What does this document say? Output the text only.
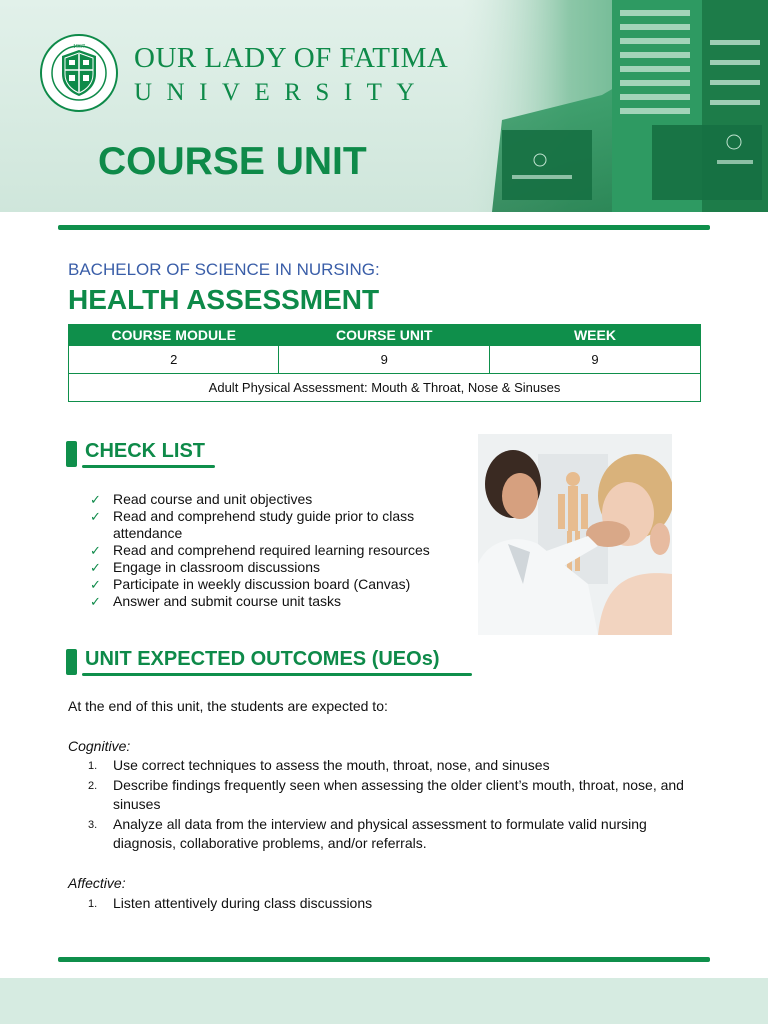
1967 OUR LADY OF FATIMA
UNIVERSITY
COURSE UNIT
BACHELOR OF SCIENCE IN NURSING:
HEALTH ASSESSMENT
COURSE MODULE	COURSE UNIT	WEEK
2	9	9
Adult Physical Assessment: Mouth & Throat, Nose & Sinuses		
CHECK LIST
✓ Read course and unit objectives
✓ Read and comprehend study guide prior to class attendance
✓ Read and comprehend required learning resources
✓ Engage in classroom discussions
✓ Participate in weekly discussion board (Canvas)
✓ Answer and submit course unit tasks
UNIT EXPECTED OUTCOMES (UEOs)
At the end of this unit, the students are expected to:
Cognitive:
1. Use correct techniques to assess the mouth, throat, nose, and sinuses
2. Describe findings frequently seen when assessing the older client’s mouth, throat, nose, and sinuses
3. Analyze all data from the interview and physical assessment to formulate valid nursing diagnosis, collaborative problems, and/or referrals.
Affective:
1. Listen attentively during class discussions
